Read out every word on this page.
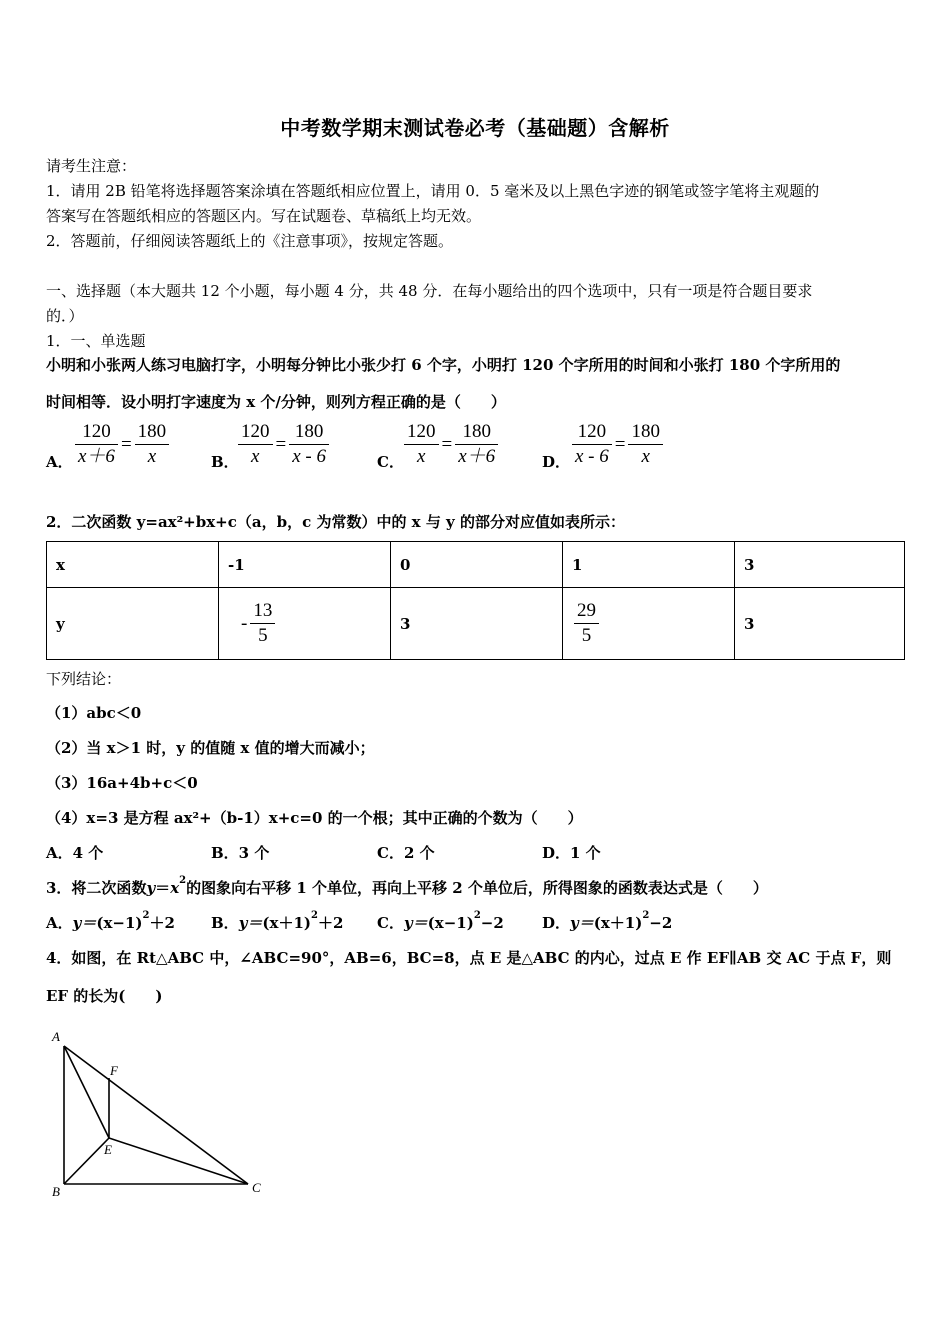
中考数学期末测试卷必考（基础题）含解析
请考生注意：
1．请用 2B 铅笔将选择题答案涂填在答题纸相应位置上，请用 0．5 毫米及以上黑色字迹的钢笔或签字笔将主观题的
答案写在答题纸相应的答题区内。写在试题卷、草稿纸上均无效。
2．答题前，仔细阅读答题纸上的《注意事项》，按规定答题。
一、选择题（本大题共 12 个小题，每小题 4 分，共 48 分．在每小题给出的四个选项中，只有一项是符合题目要求
的．）
1．一、单选题
小明和小张两人练习电脑打字，小明每分钟比小张少打 6 个字，小明打 120 个字所用的时间和小张打 180 个字所用的
时间相等．设小明打字速度为 x 个/分钟，则列方程正确的是（　　）
A． $\frac{120}{x+6} = \frac{180}{x}$	B． $\frac{120}{x} = \frac{180}{x - 6}$	C． $\frac{120}{x} = \frac{180}{x+6}$	D． $\frac{120}{x - 6} = \frac{180}{x}$
2．二次函数 y=ax²+bx+c（a，b，c 为常数）中的 x 与 y 的部分对应值如表所示：
x	-1	0	1	3
y	- $\frac{13}{5}$	3	$\frac{29}{5}$	3
下列结论：
（1）abc＜0
（2）当 x＞1 时，y 的值随 x 值的增大而减小；
（3）16a+4b+c＜0
（4）x=3 是方程 ax²+（b-1）x+c=0 的一个根；其中正确的个数为（　　）
A．4 个	B．3 个	C．2 个	D．1 个
3．将二次函数$y=x^2$的图象向右平移 1 个单位，再向上平移 2 个单位后，所得图象的函数表达式是（　　）
A．$y=(x-1)^2+2$ B．$y=(x+1)^2+2$ C．$y=(x-1)^2-2$	D．$y=(x+1)^2-2$
4．如图，在 Rt△ABC 中，∠ABC=90°，AB=6，BC=8，点 E 是△ABC 的内心，过点 E 作 EF∥AB 交 AC 于点 F，则
EF 的长为(　　)
A
B	C
E
F
